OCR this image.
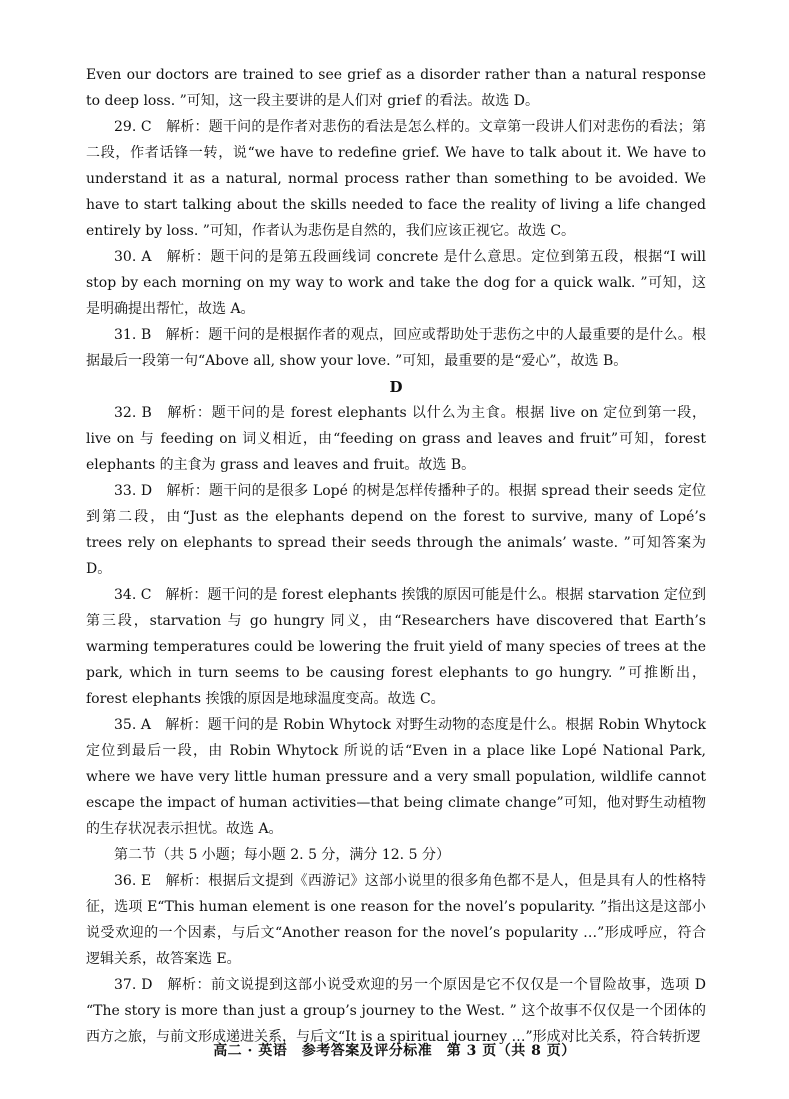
Even our doctors are trained to see grief as a disorder rather than a natural response to deep loss. ”可知，这一段主要讲的是人们对 grief 的看法。故选 D。

29. C　解析：题干问的是作者对悲伤的看法是怎么样的。文章第一段讲人们对悲伤的看法；第二段，作者话锋一转，说“we have to redefine grief. We have to talk about it. We have to understand it as a natural, normal process rather than something to be avoided. We have to start talking about the skills needed to face the reality of living a life changed entirely by loss. ”可知，作者认为悲伤是自然的，我们应该正视它。故选 C。

30. A　解析：题干问的是第五段画线词 concrete 是什么意思。定位到第五段，根据“I will stop by each morning on my way to work and take the dog for a quick walk. ”可知，这是明确提出帮忙，故选 A。

31. B　解析：题干问的是根据作者的观点，回应或帮助处于悲伤之中的人最重要的是什么。根据最后一段第一句“Above all, show your love. ”可知，最重要的是“爱心”，故选 B。

D

32. B　解析：题干问的是 forest elephants 以什么为主食。根据 live on 定位到第一段，live on 与 feeding on 词义相近，由“feeding on grass and leaves and fruit”可知，forest elephants 的主食为 grass and leaves and fruit。故选 B。

33. D　解析：题干问的是很多 Lopé 的树是怎样传播种子的。根据 spread their seeds 定位到第二段，由“Just as the elephants depend on the forest to survive, many of Lopé’s trees rely on elephants to spread their seeds through the animals’ waste. ”可知答案为 D。

34. C　解析：题干问的是 forest elephants 挨饿的原因可能是什么。根据 starvation 定位到第三段，starvation 与 go hungry 同义，由“Researchers have discovered that Earth’s warming temperatures could be lowering the fruit yield of many species of trees at the park, which in turn seems to be causing forest elephants to go hungry. ”可推断出，forest elephants 挨饿的原因是地球温度变高。故选 C。

35. A　解析：题干问的是 Robin Whytock 对野生动物的态度是什么。根据 Robin Whytock 定位到最后一段，由 Robin Whytock 所说的话“Even in a place like Lopé National Park, where we have very little human pressure and a very small population, wildlife cannot escape the impact of human activities—that being climate change”可知，他对野生动植物的生存状况表示担忧。故选 A。

第二节（共 5 小题；每小题 2. 5 分，满分 12. 5 分）

36. E　解析：根据后文提到《西游记》这部小说里的很多角色都不是人，但是具有人的性格特征，选项 E“This human element is one reason for the novel’s popularity. ”指出这是这部小说受欢迎的一个因素，与后文“Another reason for the novel’s popularity …”形成呼应，符合逻辑关系，故答案选 E。

37. D　解析：前文说提到这部小说受欢迎的另一个原因是它不仅仅是一个冒险故事，选项 D “The story is more than just a group’s journey to the West. ” 这个故事不仅仅是一个团体的西方之旅，与前文形成递进关系，与后文“It is a spiritual journey …”形成对比关系，符合转折逻

高二 · 英语　参考答案及评分标准　第 3 页（共 8 页）
